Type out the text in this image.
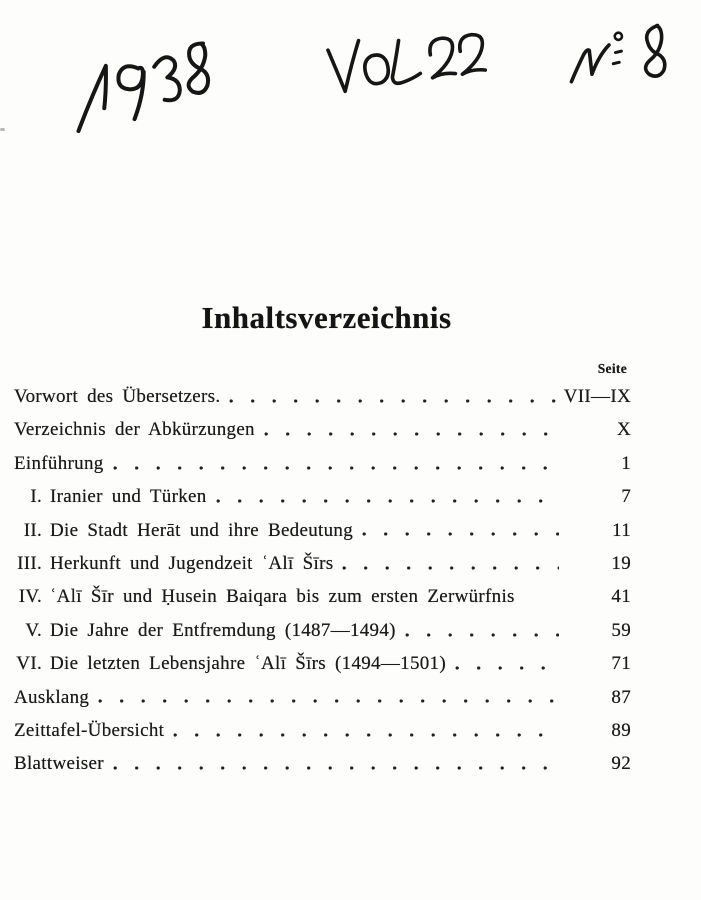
Inhaltsverzeichnis
Seite
Vorwort des Übersetzers.	VII—IX
Verzeichnis der Abkürzungen	X
Einführung	1
I. Iranier und Türken	7
II. Die Stadt Herāt und ihre Bedeutung	11
III. Herkunft und Jugendzeit ʿAlī Šīrs	19
IV. ʿAlī Šīr und Ḥusein Baiqara bis zum ersten Zerwürfnis	41
V. Die Jahre der Entfremdung (1487—1494)	59
VI. Die letzten Lebensjahre ʿAlī Šīrs (1494—1501)	71
Ausklang	87
Zeittafel-Übersicht	89
Blattweiser	92
